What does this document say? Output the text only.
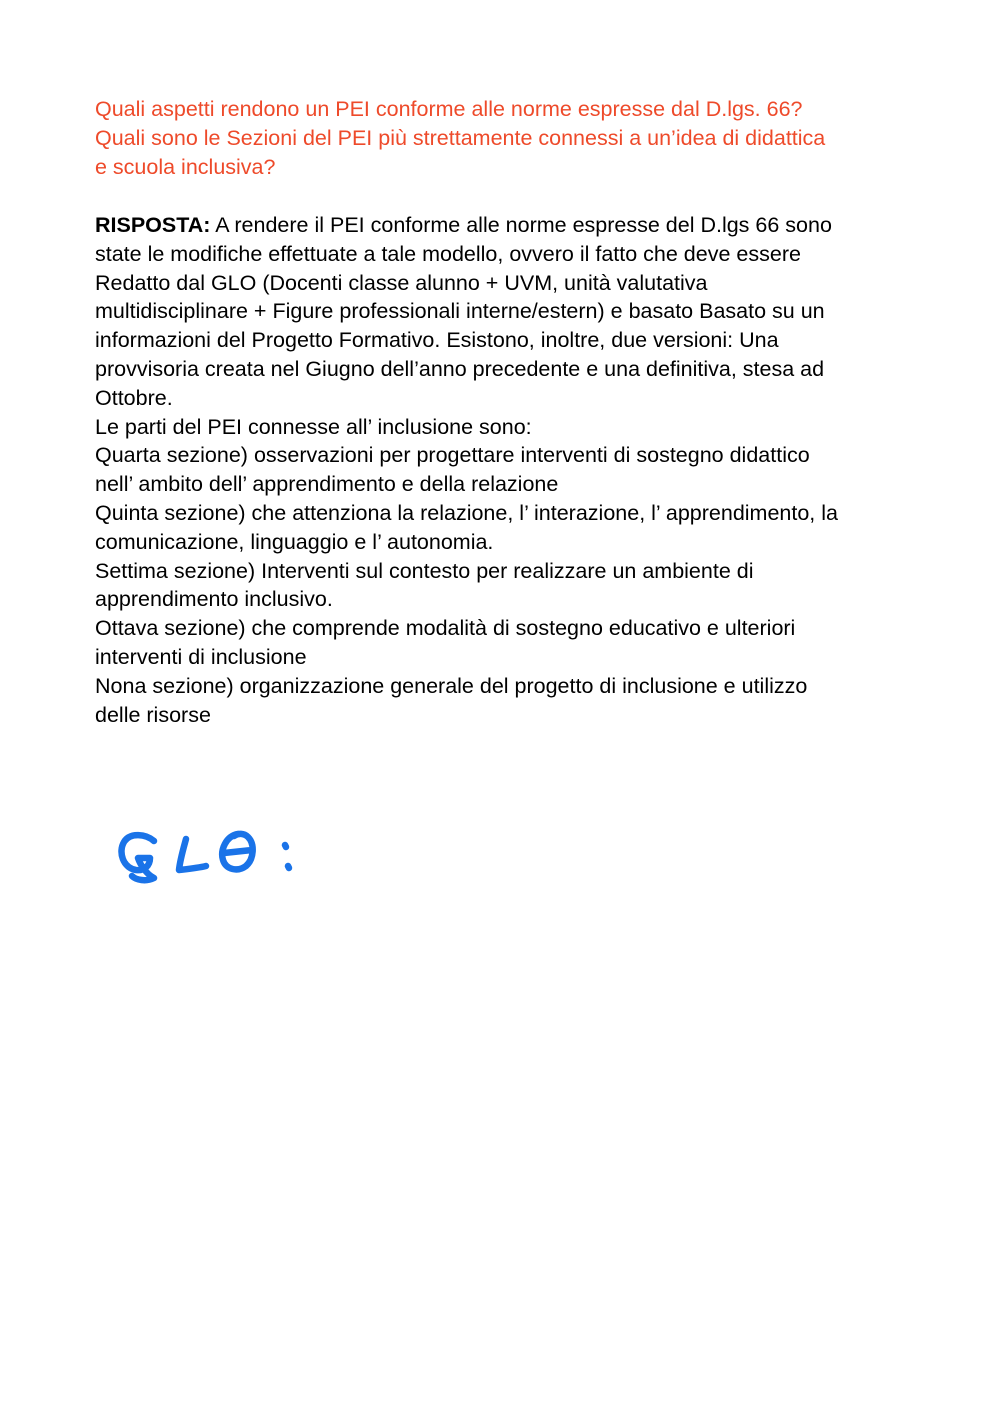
Quali aspetti rendono un PEI conforme alle norme espresse dal D.lgs. 66?
Quali sono le Sezioni del PEI più strettamente connessi a un’idea di didattica
e scuola inclusiva?
RISPOSTA: A rendere il PEI conforme alle norme espresse del D.lgs 66 sono
state le modifiche effettuate a tale modello, ovvero il fatto che deve essere
Redatto dal GLO (Docenti classe alunno + UVM, unità valutativa
multidisciplinare + Figure professionali interne/estern) e basato Basato su un
informazioni del Progetto Formativo. Esistono, inoltre, due versioni: Una
provvisoria creata nel Giugno dell’anno precedente e una definitiva, stesa ad
Ottobre.
Le parti del PEI connesse all’ inclusione sono:
Quarta sezione) osservazioni per progettare interventi di sostegno didattico
nell’ ambito dell’ apprendimento e della relazione
Quinta sezione) che attenziona la relazione, l’ interazione, l’ apprendimento, la
comunicazione, linguaggio e l’ autonomia.
Settima sezione) Interventi sul contesto per realizzare un ambiente di
apprendimento inclusivo.
Ottava sezione) che comprende modalità di sostegno educativo e ulteriori
interventi di inclusione
Nona sezione) organizzazione generale del progetto di inclusione e utilizzo
delle risorse
